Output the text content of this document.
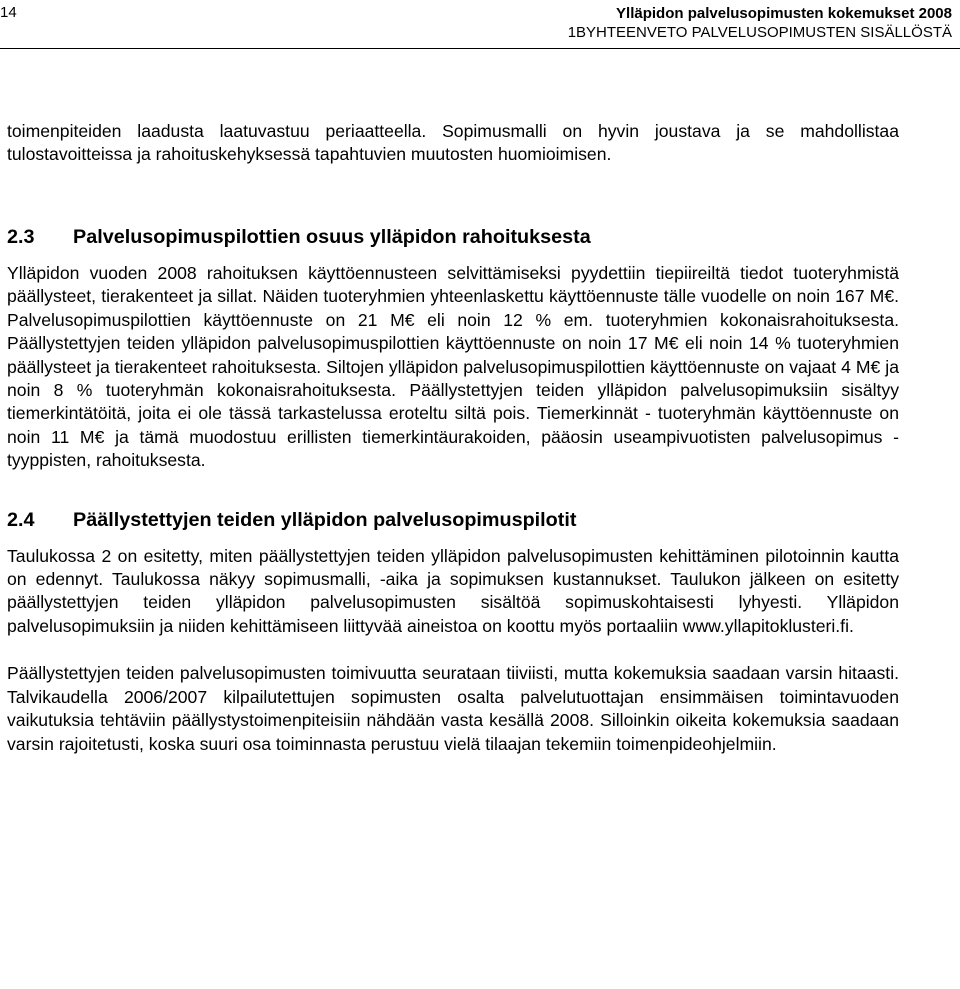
14	Ylläpidon palvelusopimusten kokemukset 2008
1BYHTEENVETO PALVELUSOPIMUSTEN SISÄLLÖSTÄ

toimenpiteiden laadusta laatuvastuu periaatteella. Sopimusmalli on hyvin joustava ja se mahdollistaa tulostavoitteissa ja rahoituskehyksessä tapahtuvien muutosten huomioimisen.

2.3 Palvelusopimuspilottien osuus ylläpidon rahoituksesta

Ylläpidon vuoden 2008 rahoituksen käyttöennusteen selvittämiseksi pyydettiin tiepiireiltä tiedot tuoteryhmistä päällysteet, tierakenteet ja sillat. Näiden tuoteryhmien yhteenlaskettu käyttöennuste tälle vuodelle on noin 167 M€. Palvelusopimuspilottien käyttöennuste on 21 M€ eli noin 12 % em. tuoteryhmien kokonaisrahoituksesta. Päällystettyjen teiden ylläpidon palvelusopimuspilottien käyttöennuste on noin 17 M€ eli noin 14 % tuoteryhmien päällysteet ja tierakenteet rahoituksesta. Siltojen ylläpidon palvelusopimuspilottien käyttöennuste on vajaat 4 M€ ja noin 8 % tuoteryhmän kokonaisrahoituksesta. Päällystettyjen teiden ylläpidon palvelusopimuksiin sisältyy tiemerkintätöitä, joita ei ole tässä tarkastelussa eroteltu siltä pois. Tiemerkinnät - tuoteryhmän käyttöennuste on noin 11 M€ ja tämä muodostuu erillisten tiemerkintäurakoiden, pääosin useampivuotisten palvelusopimus -tyyppisten, rahoituksesta.

2.4 Päällystettyjen teiden ylläpidon palvelusopimuspilotit

Taulukossa 2 on esitetty, miten päällystettyjen teiden ylläpidon palvelusopimusten kehittäminen pilotoinnin kautta on edennyt. Taulukossa näkyy sopimusmalli, -aika ja sopimuksen kustannukset. Taulukon jälkeen on esitetty päällystettyjen teiden ylläpidon palvelusopimusten sisältöä sopimuskohtaisesti lyhyesti. Ylläpidon palvelusopimuksiin ja niiden kehittämiseen liittyvää aineistoa on koottu myös portaaliin www.yllapitoklusteri.fi.

Päällystettyjen teiden palvelusopimusten toimivuutta seurataan tiiviisti, mutta kokemuksia saadaan varsin hitaasti. Talvikaudella 2006/2007 kilpailutettujen sopimusten osalta palvelutuottajan ensimmäisen toimintavuoden vaikutuksia tehtäviin päällystystoimenpiteisiin nähdään vasta kesällä 2008. Silloinkin oikeita kokemuksia saadaan varsin rajoitetusti, koska suuri osa toiminnasta perustuu vielä tilaajan tekemiin toimenpideohjelmiin.
